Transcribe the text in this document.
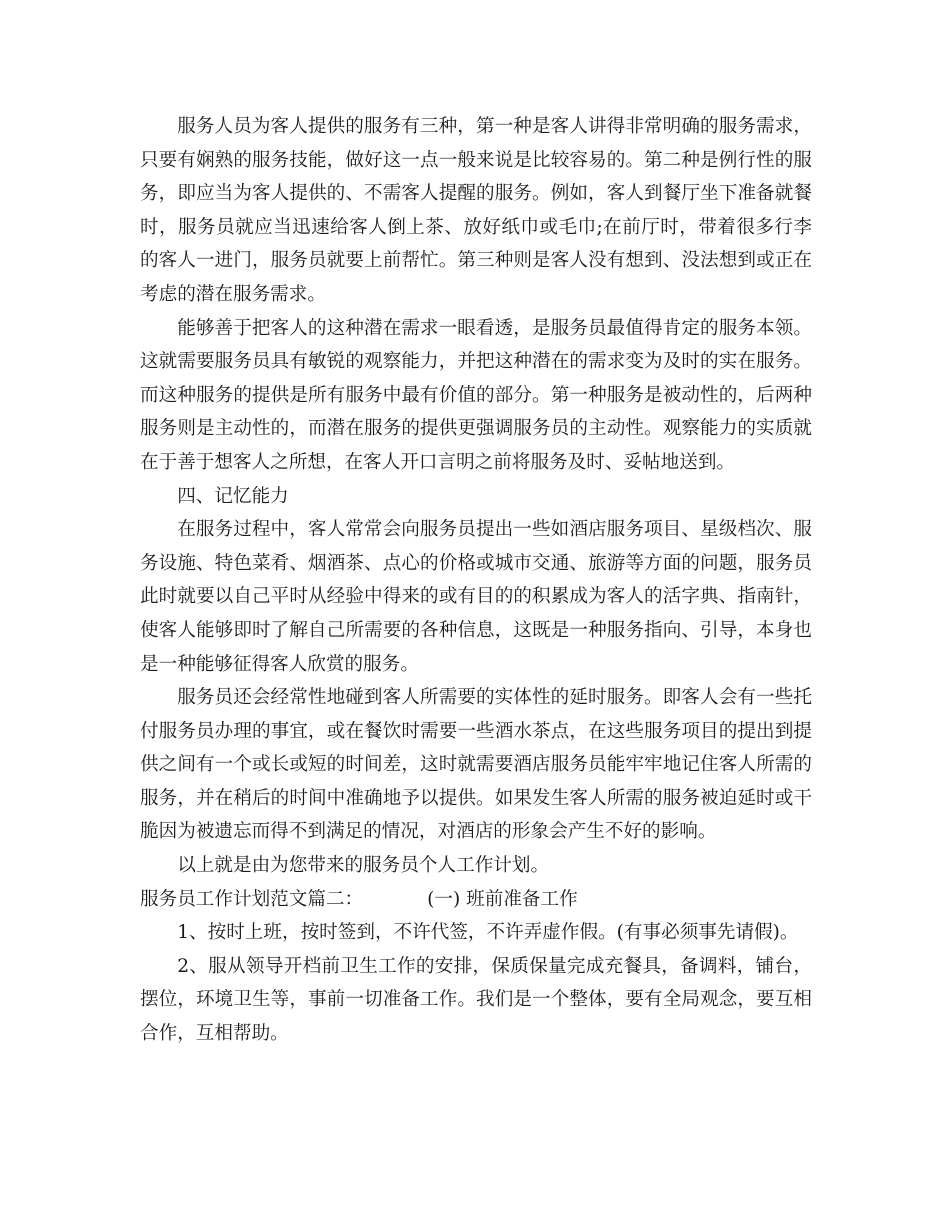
服务人员为客人提供的服务有三种，第一种是客人讲得非常明确的服务需求，只要有娴熟的服务技能，做好这一点一般来说是比较容易的。第二种是例行性的服务，即应当为客人提供的、不需客人提醒的服务。例如，客人到餐厅坐下准备就餐时，服务员就应当迅速给客人倒上茶、放好纸巾或毛巾;在前厅时，带着很多行李的客人一进门，服务员就要上前帮忙。第三种则是客人没有想到、没法想到或正在考虑的潜在服务需求。

能够善于把客人的这种潜在需求一眼看透，是服务员最值得肯定的服务本领。这就需要服务员具有敏锐的观察能力，并把这种潜在的需求变为及时的实在服务。而这种服务的提供是所有服务中最有价值的部分。第一种服务是被动性的，后两种服务则是主动性的，而潜在服务的提供更强调服务员的主动性。观察能力的实质就在于善于想客人之所想，在客人开口言明之前将服务及时、妥帖地送到。

四、记忆能力

在服务过程中，客人常常会向服务员提出一些如酒店服务项目、星级档次、服务设施、特色菜肴、烟酒茶、点心的价格或城市交通、旅游等方面的问题，服务员此时就要以自己平时从经验中得来的或有目的的积累成为客人的活字典、指南针，使客人能够即时了解自己所需要的各种信息，这既是一种服务指向、引导，本身也是一种能够征得客人欣赏的服务。

服务员还会经常性地碰到客人所需要的实体性的延时服务。即客人会有一些托付服务员办理的事宜，或在餐饮时需要一些酒水茶点，在这些服务项目的提出到提供之间有一个或长或短的时间差，这时就需要酒店服务员能牢牢地记住客人所需的服务，并在稍后的时间中准确地予以提供。如果发生客人所需的服务被迫延时或干脆因为被遗忘而得不到满足的情况，对酒店的形象会产生不好的影响。

以上就是由为您带来的服务员个人工作计划。

服务员工作计划范文篇二：	(一) 班前准备工作

1、按时上班，按时签到，不许代签，不许弄虚作假。(有事必须事先请假)。

2、服从领导开档前卫生工作的安排，保质保量完成充餐具，备调料，铺台，摆位，环境卫生等，事前一切准备工作。我们是一个整体，要有全局观念，要互相合作，互相帮助。
